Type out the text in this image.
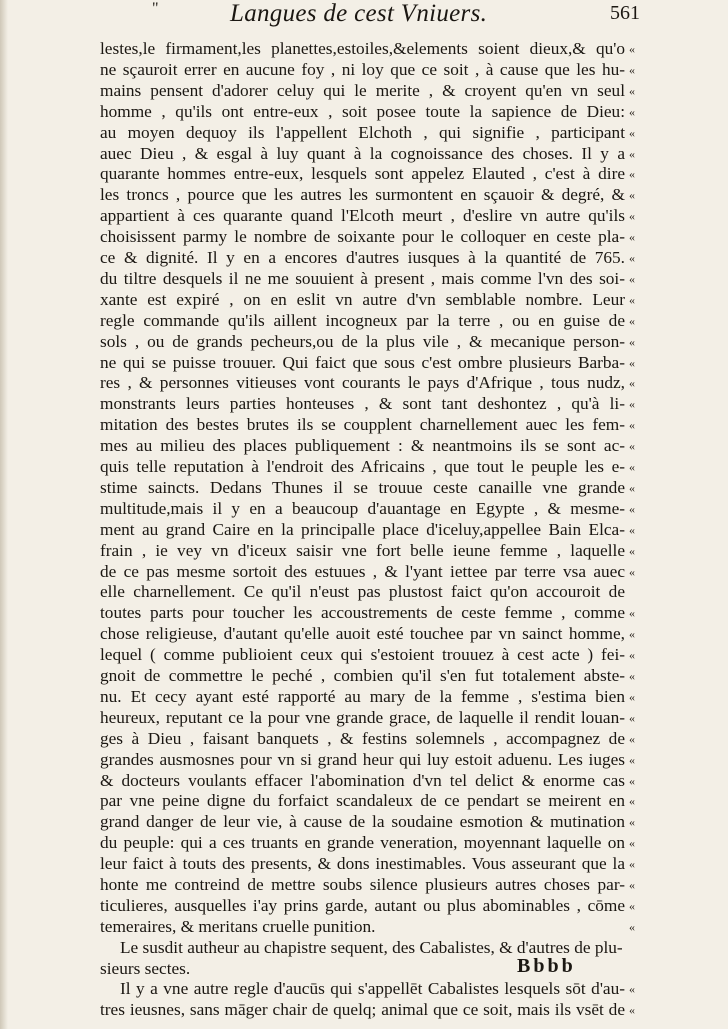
"	Langues de cest Vniuers.	561
lestes,le firmament,les planettes,estoiles,&elements soient dieux,& qu'o «
ne sçauroit errer en aucune foy , ni loy que ce soit , à cause que les hu- «
mains pensent d'adorer celuy qui le merite , & croyent qu'en vn seul «
homme , qu'ils ont entre-eux , soit posee toute la sapience de Dieu: «
au moyen dequoy ils l'appellent Elchoth , qui signifie , participant «
auec Dieu , & esgal à luy quant à la cognoissance des choses. Il y a «
quarante hommes entre-eux, lesquels sont appelez Elauted , c'est à dire «
les troncs , pource que les autres les surmontent en sçauoir & degré, & «
appartient à ces quarante quand l'Elcoth meurt , d'eslire vn autre qu'ils «
choisissent parmy le nombre de soixante pour le colloquer en ceste pla- «
ce & dignité. Il y en a encores d'autres iusques à la quantité de 765. «
du tiltre desquels il ne me souuient à present , mais comme l'vn des soi- «
xante est expiré , on en eslit vn autre d'vn semblable nombre. Leur «
regle commande qu'ils aillent incogneux par la terre , ou en guise de «
sols , ou de grands pecheurs,ou de la plus vile , & mecanique person- «
ne qui se puisse trouuer. Qui faict que sous c'est ombre plusieurs Barba- «
res , & personnes vitieuses vont courants le pays d'Afrique , tous nudz, «
monstrants leurs parties honteuses , & sont tant deshontez , qu'à li- «
mitation des bestes brutes ils se coupplent charnellement auec les fem- «
mes au milieu des places publiquement : & neantmoins ils se sont ac- «
quis telle reputation à l'endroit des Africains , que tout le peuple les e- «
stime saincts. Dedans Thunes il se trouue ceste canaille vne grande «
multitude,mais il y en a beaucoup d'auantage en Egypte , & mesme- «
ment au grand Caire en la principalle place d'iceluy,appellee Bain Elca- «
frain , ie vey vn d'iceux saisir vne fort belle ieune femme , laquelle «
de ce pas mesme sortoit des estuues , & l'yant iettee par terre vsa auec «
elle charnellement. Ce qu'il n'eust pas plustost faict qu'on accouroit de
toutes parts pour toucher les accoustrements de ceste femme , comme «
chose religieuse, d'autant qu'elle auoit esté touchee par vn sainct homme, «
lequel ( comme publioient ceux qui s'estoient trouuez à cest acte ) fei- «
gnoit de commettre le peché , combien qu'il s'en fut totalement abste- «
nu. Et cecy ayant esté rapporté au mary de la femme , s'estima bien «
heureux, reputant ce la pour vne grande grace, de laquelle il rendit louan- «
ges à Dieu , faisant banquets , & festins solemnels , accompagnez de «
grandes ausmosnes pour vn si grand heur qui luy estoit aduenu. Les iuges «
& docteurs voulants effacer l'abomination d'vn tel delict & enorme cas «
par vne peine digne du forfaict scandaleux de ce pendart se meirent en «
grand danger de leur vie, à cause de la soudaine esmotion & mutination «
du peuple: qui a ces truants en grande veneration, moyennant laquelle on «
leur faict à touts des presents, & dons inestimables. Vous asseurant que la «
honte me contreind de mettre soubs silence plusieurs autres choses par- «
ticulieres, ausquelles i'ay prins garde, autant ou plus abominables , cōme «
temeraires, & meritans cruelle punition.	«
Le susdit autheur au chapistre sequent, des Cabalistes, & d'autres de plu-
sieurs sectes.
Il y a vne autre regle d'aucūs qui s'appellēt Cabalistes lesquels sōt d'au- «
tres ieusnes, sans māger chair de quelq; animal que ce soit, mais ils vsēt de «
Bbbb
